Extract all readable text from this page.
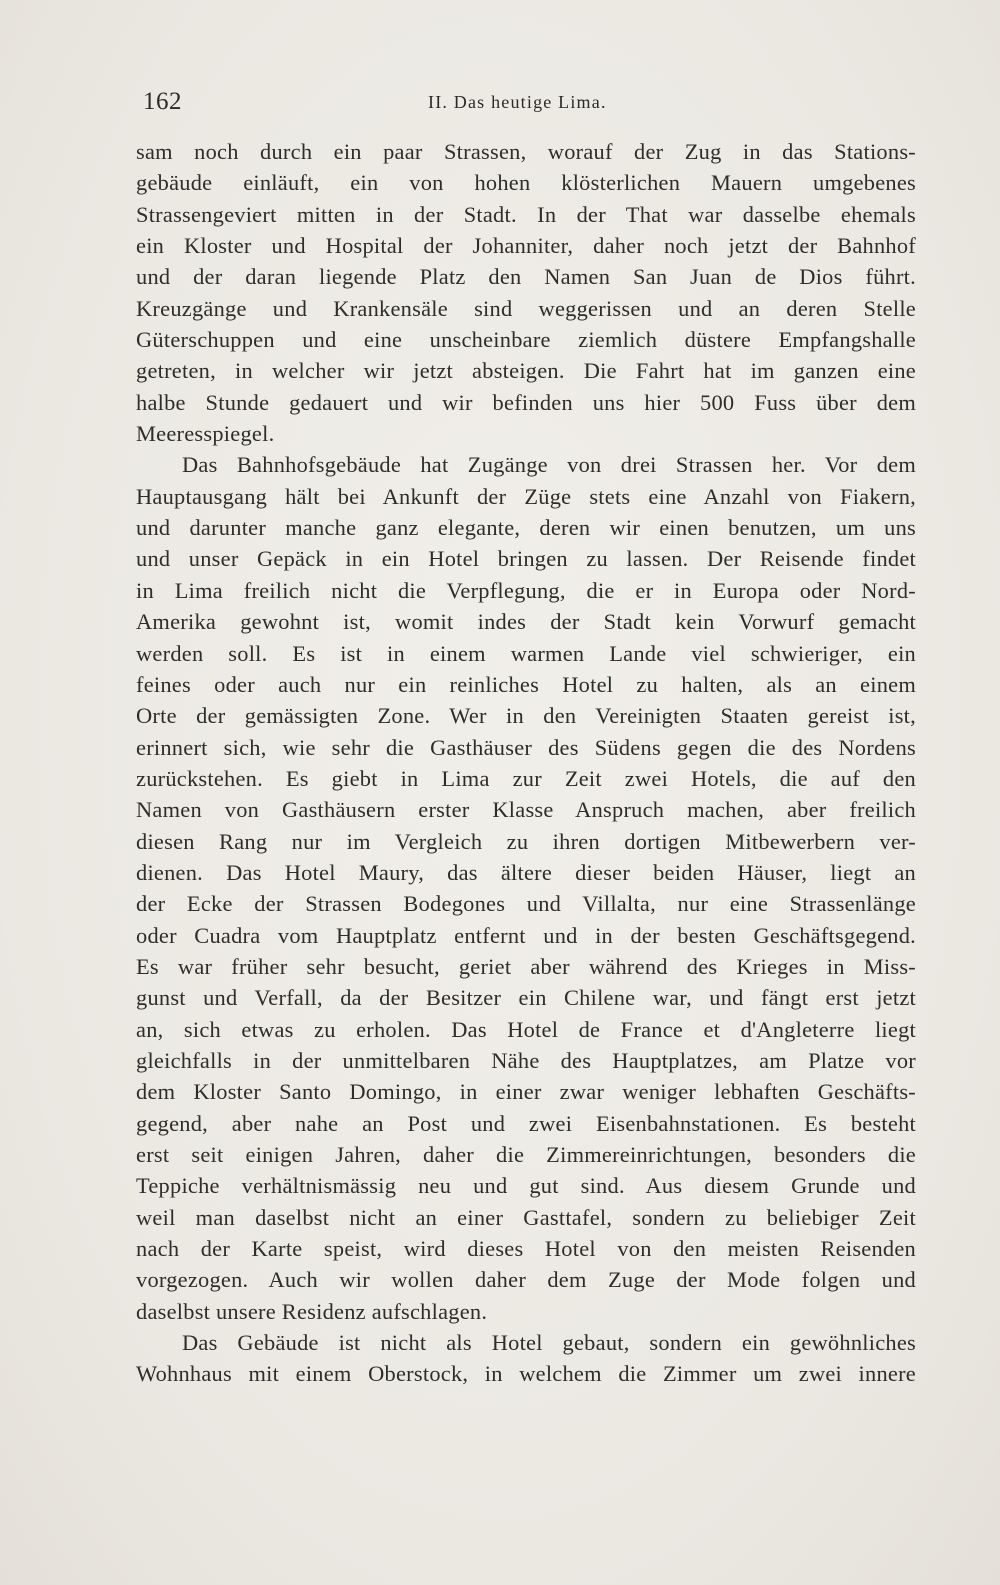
162	II. Das heutige Lima.
sam noch durch ein paar Strassen, worauf der Zug in das Stations-
gebäude einläuft, ein von hohen klösterlichen Mauern umgebenes
Strassengeviert mitten in der Stadt. In der That war dasselbe ehemals
ein Kloster und Hospital der Johanniter, daher noch jetzt der Bahnhof
und der daran liegende Platz den Namen San Juan de Dios führt.
Kreuzgänge und Krankensäle sind weggerissen und an deren Stelle
Güterschuppen und eine unscheinbare ziemlich düstere Empfangshalle
getreten, in welcher wir jetzt absteigen. Die Fahrt hat im ganzen eine
halbe Stunde gedauert und wir befinden uns hier 500 Fuss über dem
Meeresspiegel.
Das Bahnhofsgebäude hat Zugänge von drei Strassen her. Vor dem
Hauptausgang hält bei Ankunft der Züge stets eine Anzahl von Fiakern,
und darunter manche ganz elegante, deren wir einen benutzen, um uns
und unser Gepäck in ein Hotel bringen zu lassen. Der Reisende findet
in Lima freilich nicht die Verpflegung, die er in Europa oder Nord-
Amerika gewohnt ist, womit indes der Stadt kein Vorwurf gemacht
werden soll. Es ist in einem warmen Lande viel schwieriger, ein
feines oder auch nur ein reinliches Hotel zu halten, als an einem
Orte der gemässigten Zone. Wer in den Vereinigten Staaten gereist ist,
erinnert sich, wie sehr die Gasthäuser des Südens gegen die des Nordens
zurückstehen. Es giebt in Lima zur Zeit zwei Hotels, die auf den
Namen von Gasthäusern erster Klasse Anspruch machen, aber freilich
diesen Rang nur im Vergleich zu ihren dortigen Mitbewerbern ver-
dienen. Das Hotel Maury, das ältere dieser beiden Häuser, liegt an
der Ecke der Strassen Bodegones und Villalta, nur eine Strassenlänge
oder Cuadra vom Hauptplatz entfernt und in der besten Geschäftsgegend.
Es war früher sehr besucht, geriet aber während des Krieges in Miss-
gunst und Verfall, da der Besitzer ein Chilene war, und fängt erst jetzt
an, sich etwas zu erholen. Das Hotel de France et d'Angleterre liegt
gleichfalls in der unmittelbaren Nähe des Hauptplatzes, am Platze vor
dem Kloster Santo Domingo, in einer zwar weniger lebhaften Geschäfts-
gegend, aber nahe an Post und zwei Eisenbahnstationen. Es besteht
erst seit einigen Jahren, daher die Zimmereinrichtungen, besonders die
Teppiche verhältnismässig neu und gut sind. Aus diesem Grunde und
weil man daselbst nicht an einer Gasttafel, sondern zu beliebiger Zeit
nach der Karte speist, wird dieses Hotel von den meisten Reisenden
vorgezogen. Auch wir wollen daher dem Zuge der Mode folgen und
daselbst unsere Residenz aufschlagen.
Das Gebäude ist nicht als Hotel gebaut, sondern ein gewöhnliches
Wohnhaus mit einem Oberstock, in welchem die Zimmer um zwei innere
